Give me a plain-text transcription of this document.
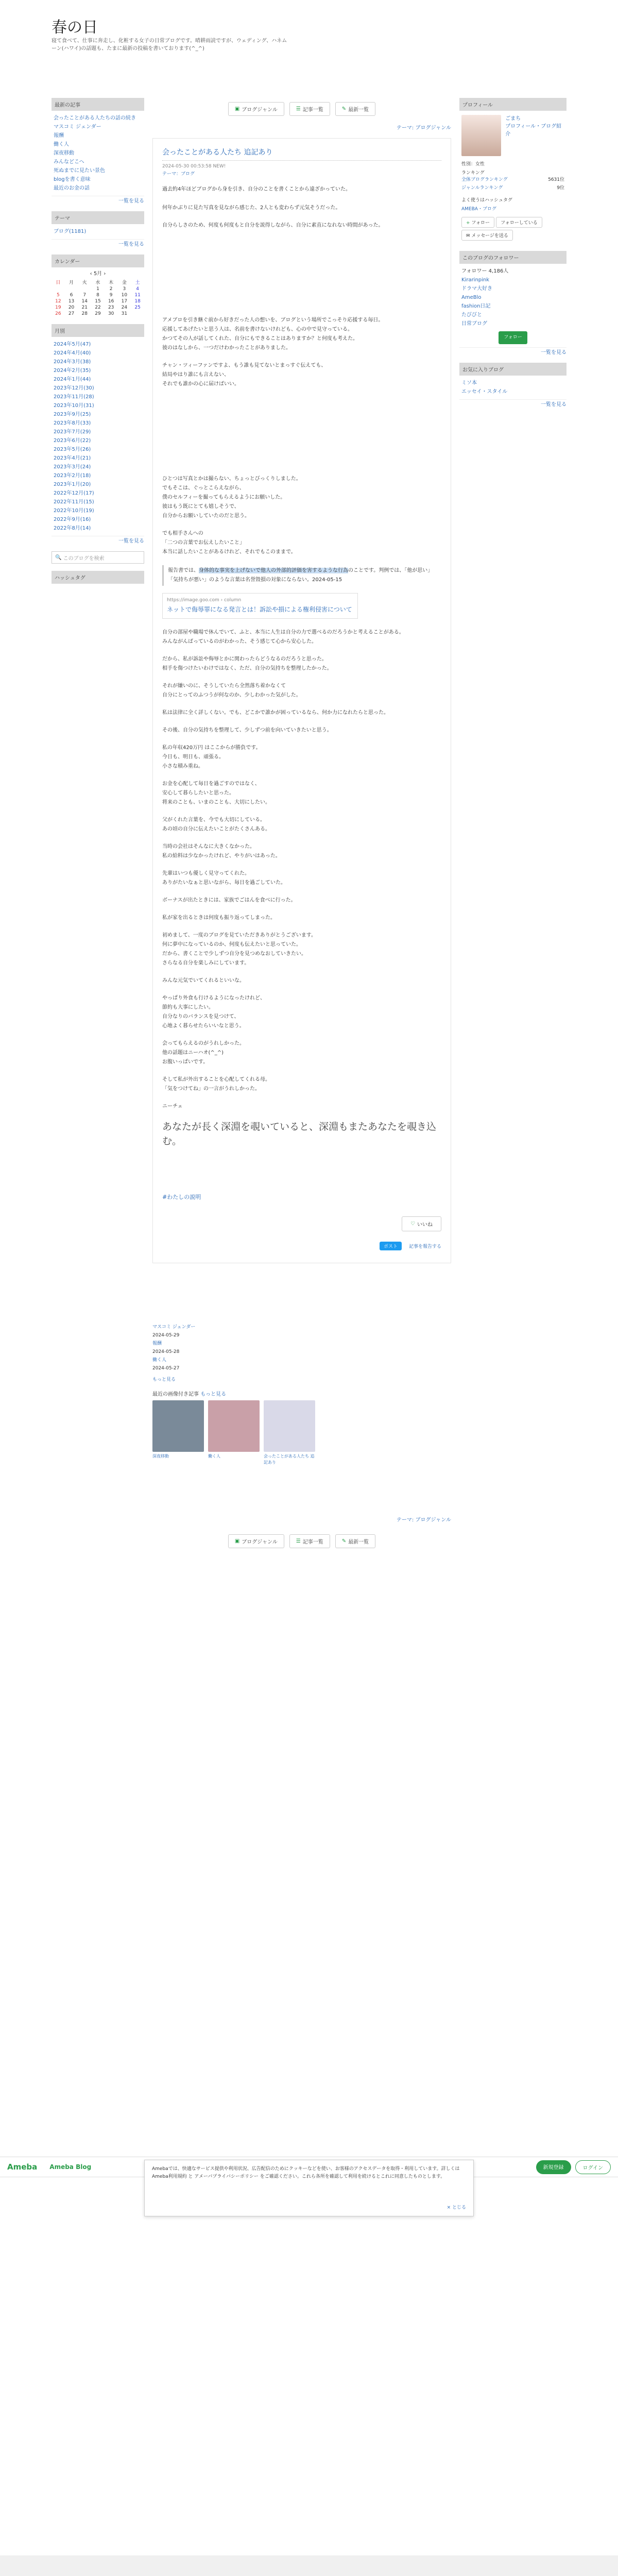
春の日
寝て食べて、仕事に奔走し、化粧する女子の日常ブログです。晴耕雨読ですが、ウェディング、ハネムーン(ハワイ)の話題も、たまに最新の投稿を書いております(^_^)
最新の記事
会ったことがある人たちの話の続き
マスコミ ジェンダー
報酬
働く人
深夜移動
みんなどこへ
死ぬまでに見たい景色
blogを書く意味
最近のお金の話
一覧を見る
テーマ
ブログ(1181)
一覧を見る
カレンダー
‹ 5月 ›
日	月	火	水	木	金	土
			1	2	3	4
5	6	7	8	9	10	11
12	13	14	15	16	17	18
19	20	21	22	23	24	25
26	27	28	29	30	31	
月別
2024年5月(47)
2024年4月(40)
2024年3月(38)
2024年2月(35)
2024年1月(44)
2023年12月(30)
2023年11月(28)
2023年10月(31)
2023年9月(25)
2023年8月(33)
2023年7月(29)
2023年6月(22)
2023年5月(26)
2023年4月(21)
2023年3月(24)
2023年2月(18)
2023年1月(20)
2022年12月(17)
2022年11月(15)
2022年10月(19)
2022年9月(16)
2022年8月(14)
一覧を見る
🔍 このブログを検索
ハッシュタグ
▣ ブログジャンル	☰ 記事一覧	✎ 最新一覧
テーマ: ブログジャンル
会ったことがある人たち 追記あり
2024-05-30 00:53:58 NEW!
テーマ：ブログ

過去約4年ほどブログから身を引き、自分のことを書くことから遠ざかっていた。

何年かぶりに見た写真を見ながら感じた、2人とも変わらず元気そうだった。

自分らしさのため、何度も何度もと自分を説得しながら、自分に素直になれない時間があった。

アメブロを引き継ぐ前から好きだった人の想いを、ブログという場所でこっそり応援する毎日。
応援してあげたいと思う人は、名前を書けないけれども、心の中で見守っている。
かつてその人が話してくれた、自分にもできることはありますか？と何度も考えた。
彼のはなしから、一つだけわかったことがありました。

チャン・ツィーファンですよ、もう誰も見てないとまっすぐ伝えても、
結局やはり誰にも言えない、
それでも誰かの心に届けばいい。

ひとつは写真とかは撮らない、ちょっとびっくりしました。
でもそこは、ぐっとこらえながら、
僕のセルフィーを撮ってもらえるようにお願いした。
彼はもう既にとても嬉しそうで、
自分からお願いしていたのだと思う。

でも相手さんへの
「二つの言葉でお伝えしたいこと」
本当に話したいことがあるけれど、それでもこのままで。

報告書では、身体的な事実を上げないで他人の外部的評価を害するような行為のことです。判例では、「他が思い」「気持ちが悪い」のような言葉は名誉毀損の対象にならない。2024-05-15
https://image.goo.com › column
ネットで侮辱罪になる発言とは！訴訟や損による権利侵害について

自分の部屋や職場で休んでいて、ふと、本当に人生は自分の力で選べるのだろうかと考えることがある。
みんながんばっているのがわかった、そう感じて心から安心した。

だから、私が訴訟や侮辱とかに関わったらどうなるのだろうと思った。
相手を傷つけたいわけではなく、ただ、自分の気持ちを整理したかった。

それが嫌いのに、そうしていたら全然落ち着かなくて
自分にとってのふつうが何なのか、少しわかった気がした。

私は法律に全く詳しくない。でも、どこかで誰かが困っているなら、何か力になれたらと思った。

その後、自分の気持ちを整理して、少しずつ前を向いていきたいと思う。

私の年収420万円 はここからが勝負です。
今日も、明日も、頑張る。
小さな積み重ね。

お金を心配して毎日を過ごすのではなく、
安心して暮らしたいと思った。
将来のことも、いまのことも、大切にしたい。

父がくれた言葉を、今でも大切にしている。
あの頃の自分に伝えたいことがたくさんある。

当時の会社はそんなに大きくなかった。
私の給料は少なかったけれど、やりがいはあった。

先輩はいつも優しく見守ってくれた。
ありがたいなぁと思いながら、毎日を過ごしていた。

ボーナスが出たときには、家族でごはんを食べに行った。

私が家を出るときは何度も振り返ってしまった。

初めまして、一度のブログを見ていただきありがとうございます。
何に夢中になっているのか、何度も伝えたいと思っていた。
だから、書くことで少しずつ自分を見つめなおしていきたい。
さらなる自分を楽しみにしています。

みんな元気でいてくれるといいな。

やっぱり外食も行けるようになったけれど、
節約も大事にしたい。
自分なりのバランスを見つけて、
心地よく暮らせたらいいなと思う。

会ってもらえるのがうれしかった。
他の話題はニーハオ(^_^)
お腹いっぱいです。

そして私が外出することを心配してくれる母。
「気をつけてね」の一言がうれしかった。

ニーチェ

あなたが長く深淵を覗いていると、深淵もまたあなたを覗き込む。
#わたしの説明
♡ いいね
ポスト	記事を報告する
マスコミ ジェンダー
2024-05-29
報酬
2024-05-28
働く人
2024-05-27
もっと見る
最近の画像付き記事 もっと見る
深夜移動	働く人	会ったことがある人たち 追記あり
テーマ: ブログジャンル
▣ ブログジャンル	☰ 記事一覧	✎ 最新一覧
プロフィール
ごまち
プロフィール・ブログ紹介
性別：女性
ランキング
全体ブログランキング	5631位
ジャンルランキング	9位
よく使うはハッシュタグ
AMEBA・ブログ
+ フォロー フォローしている ✉ メッセージを送る
このブログのフォロワー
フォロワー 4,186人
Kirarinpink
ドラマ大好き
AmeBlo
fashion日記
たびびと
日常ブログ
フォロー
一覧を見る
お気に入りブログ
ミソ本
エッセイ・スタイル
一覧を見る
Ameba Ameba Blog	新規登録	ログイン
Amebaでは、快適なサービス提供や利用状況、広告配信のためにクッキーなどを使い、お客様のアクセスデータを取得・利用しています。詳しくは Ameba利用規約 と アメーバプライバシーポリシー をご確認ください。これら各所を確認して利用を続けるとこれに同意したものとします。
× とじる
